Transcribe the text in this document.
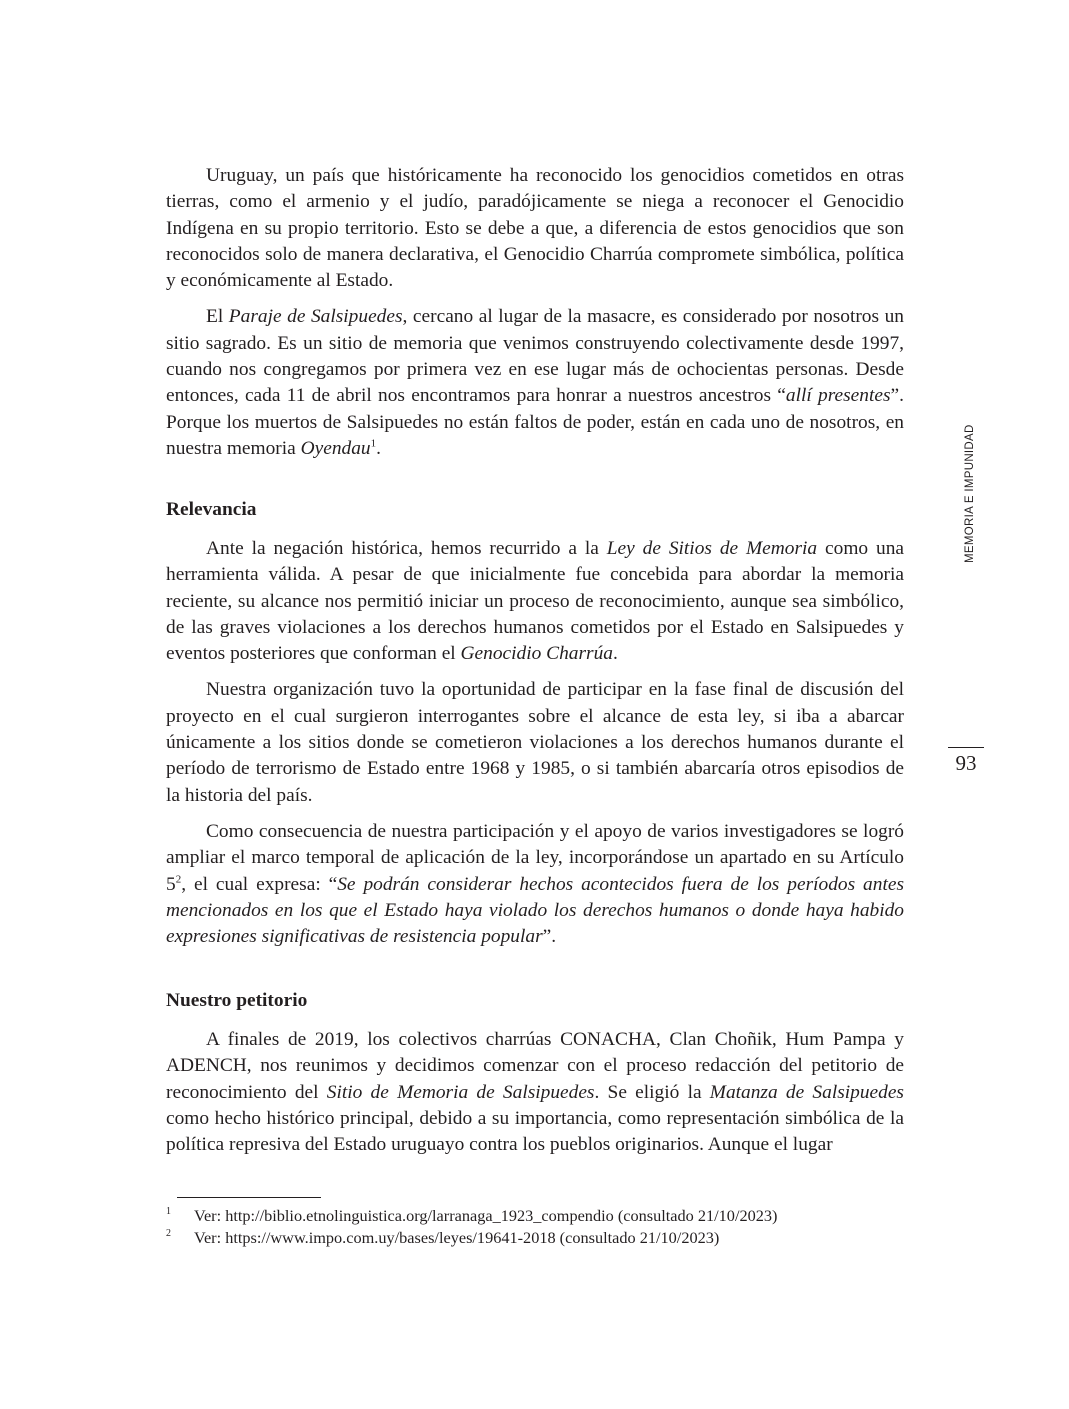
Uruguay, un país que históricamente ha reconocido los genocidios cometidos en otras tierras, como el armenio y el judío, paradójicamente se niega a reconocer el Genocidio Indígena en su propio territorio. Esto se debe a que, a diferencia de estos genocidios que son reconocidos solo de manera declarativa, el Genocidio Charrúa compromete simbólica, política y económicamente al Estado.

El Paraje de Salsipuedes, cercano al lugar de la masacre, es considerado por nosotros un sitio sagrado. Es un sitio de memoria que venimos construyendo colectivamente desde 1997, cuando nos congregamos por primera vez en ese lugar más de ochocientas personas. Desde entonces, cada 11 de abril nos encontramos para honrar a nuestros ancestros “allí presentes”. Porque los muertos de Salsipuedes no están faltos de poder, están en cada uno de nosotros, en nuestra memoria Oyendau$^1$.

Relevancia

Ante la negación histórica, hemos recurrido a la Ley de Sitios de Memoria como una herramienta válida. A pesar de que inicialmente fue concebida para abordar la memoria reciente, su alcance nos permitió iniciar un proceso de reconocimiento, aunque sea simbólico, de las graves violaciones a los derechos humanos cometidos por el Estado en Salsipuedes y eventos posteriores que conforman el Genocidio Charrúa.

Nuestra organización tuvo la oportunidad de participar en la fase final de discusión del proyecto en el cual surgieron interrogantes sobre el alcance de esta ley, si iba a abarcar únicamente a los sitios donde se cometieron violaciones a los derechos humanos durante el período de terrorismo de Estado entre 1968 y 1985, o si también abarcaría otros episodios de la historia del país.

Como consecuencia de nuestra participación y el apoyo de varios investigadores se logró ampliar el marco temporal de aplicación de la ley, incorporándose un apartado en su Artículo $5^2$, el cual expresa: “Se podrán considerar hechos acontecidos fuera de los períodos antes mencionados en los que el Estado haya violado los derechos humanos o donde haya habido expresiones significativas de resistencia popular”.

Nuestro petitorio

A finales de 2019, los colectivos charrúas CONACHA, Clan Choñik, Hum Pampa y ADENCH, nos reunimos y decidimos comenzar con el proceso redacción del petitorio de reconocimiento del Sitio de Memoria de Salsipuedes. Se eligió la Matanza de Salsipuedes como hecho histórico principal, debido a su importancia, como representación simbólica de la política represiva del Estado uruguayo contra los pueblos originarios. Aunque el lugar

MEMORIA E IMPUNIDAD
93
1 Ver: http://biblio.etnolinguistica.org/larranaga_1923_compendio (consultado 21/10/2023)
2 Ver: https://www.impo.com.uy/bases/leyes/19641-2018 (consultado 21/10/2023)
